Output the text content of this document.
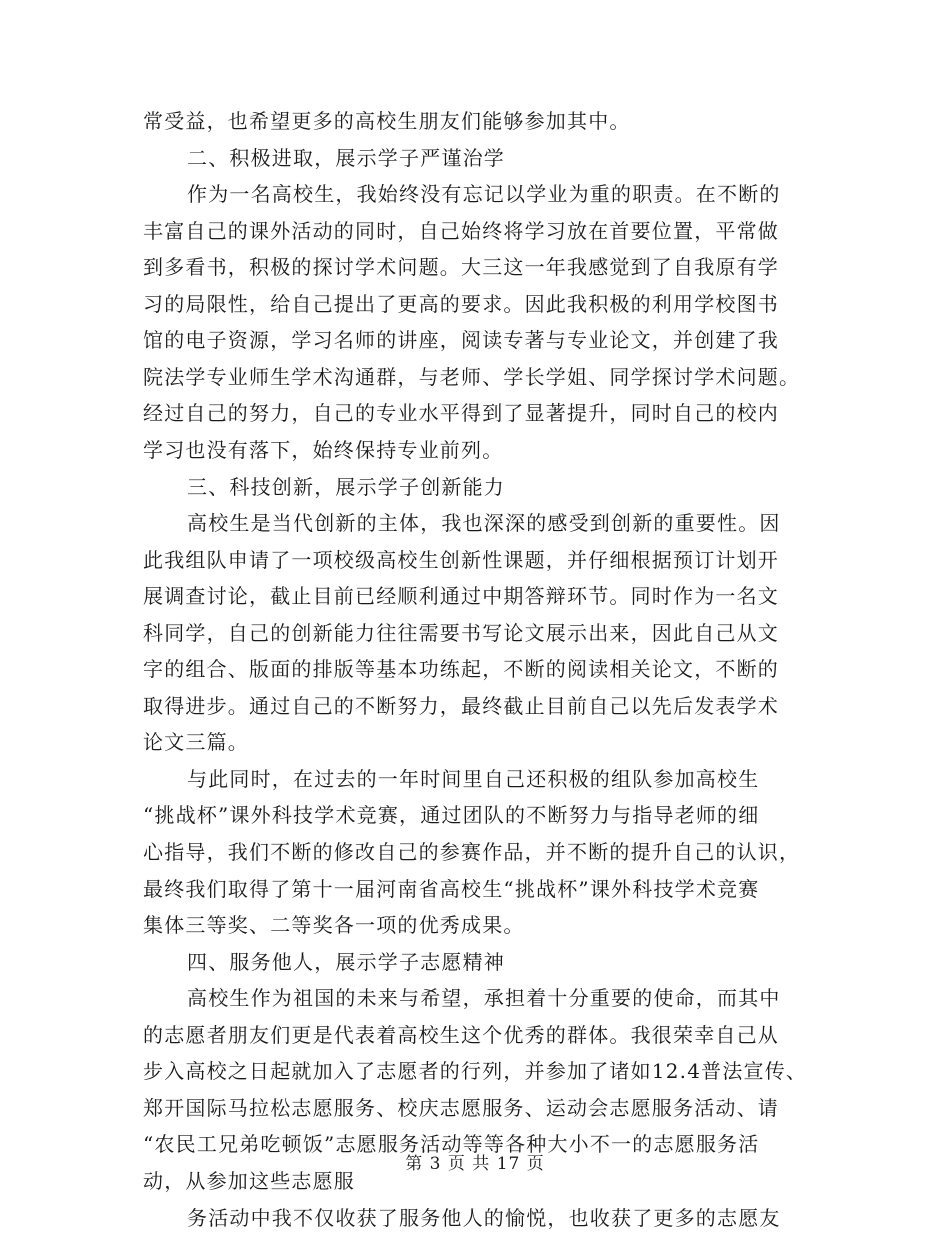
常受益，也希望更多的高校生朋友们能够参加其中。
二、积极进取，展示学子严谨治学
作为一名高校生，我始终没有忘记以学业为重的职责。在不断的
丰富自己的课外活动的同时，自己始终将学习放在首要位置，平常做
到多看书，积极的探讨学术问题。大三这一年我感觉到了自我原有学
习的局限性，给自己提出了更高的要求。因此我积极的利用学校图书
馆的电子资源，学习名师的讲座，阅读专著与专业论文，并创建了我
院法学专业师生学术沟通群，与老师、学长学姐、同学探讨学术问题。
经过自己的努力，自己的专业水平得到了显著提升，同时自己的校内
学习也没有落下，始终保持专业前列。
三、科技创新，展示学子创新能力
高校生是当代创新的主体，我也深深的感受到创新的重要性。因
此我组队申请了一项校级高校生创新性课题，并仔细根据预订计划开
展调查讨论，截止目前已经顺利通过中期答辩环节。同时作为一名文
科同学，自己的创新能力往往需要书写论文展示出来，因此自己从文
字的组合、版面的排版等基本功练起，不断的阅读相关论文，不断的
取得进步。通过自己的不断努力，最终截止目前自己以先后发表学术
论文三篇。
与此同时，在过去的一年时间里自己还积极的组队参加高校生
“挑战杯”课外科技学术竞赛，通过团队的不断努力与指导老师的细
心指导，我们不断的修改自己的参赛作品，并不断的提升自己的认识，
最终我们取得了第十一届河南省高校生“挑战杯”课外科技学术竞赛
集体三等奖、二等奖各一项的优秀成果。
四、服务他人，展示学子志愿精神
高校生作为祖国的未来与希望，承担着十分重要的使命，而其中
的志愿者朋友们更是代表着高校生这个优秀的群体。我很荣幸自己从
步入高校之日起就加入了志愿者的行列，并参加了诸如12.4普法宣传、
郑开国际马拉松志愿服务、校庆志愿服务、运动会志愿服务活动、请
“农民工兄弟吃顿饭”志愿服务活动等等各种大小不一的志愿服务活
动，从参加这些志愿服
务活动中我不仅收获了服务他人的愉悦，也收获了更多的志愿友
第 3 页 共 17 页
